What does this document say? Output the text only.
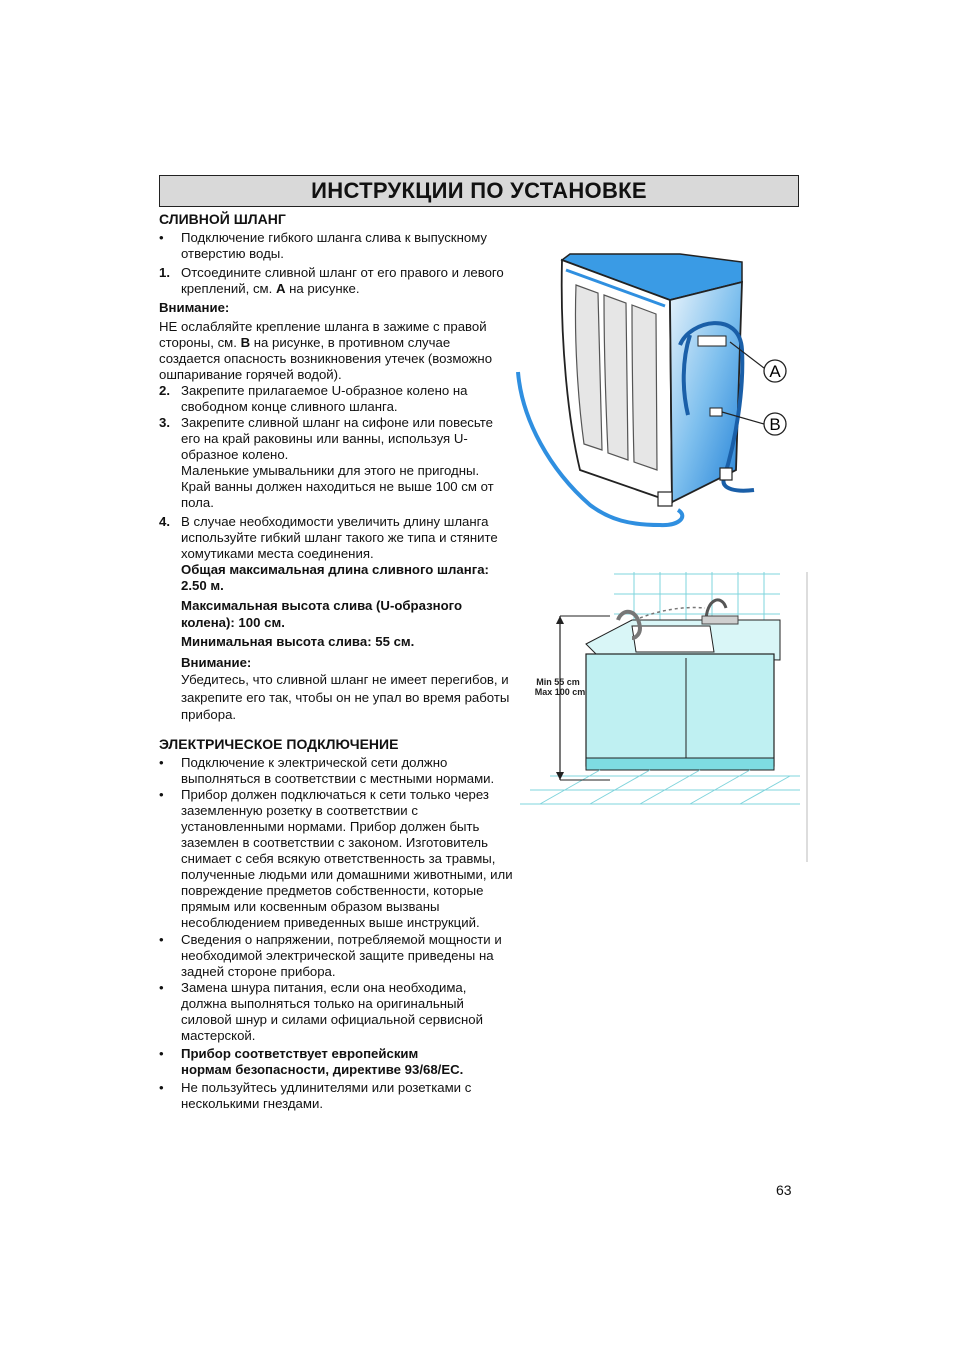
ИНСТРУКЦИИ ПО УСТАНОВКЕ

СЛИВНОЙ ШЛАНГ

•	Подключение гибкого шланга слива к выпускному отверстию воды.
1. Отсоедините сливной шланг от его правого и левого креплений, см. A на рисунке.

Внимание:

НЕ ослабляйте крепление шланга в зажиме с правой стороны, см. B на рисунке, в противном случае создается опасность возникновения утечек (возможно ошпаривание горячей водой).

2. Закрепите прилагаемое U-образное колено на свободном конце сливного шланга.
3. Закрепите сливной шланг на сифоне или повесьте его на край раковины или ванны, используя U-образное колено.
Маленькие умывальники для этого не пригодны.
Край ванны должен находиться не выше 100 см от пола.
4. В случае необходимости увеличить длину шланга используйте гибкий шланг такого же типа и стяните хомутиками места соединения.

Общая максимальная длина сливного шланга: 2.50 м.

Максимальная высота слива (U-образного колена): 100 см.

Минимальная высота слива: 55 см.

Внимание:

Убедитесь, что сливной шланг не имеет перегибов, и закрепите его так, чтобы он не упал во время работы прибора.

ЭЛЕКТРИЧЕСКОЕ ПОДКЛЮЧЕНИЕ

•	Подключение к электрической сети должно выполняться в соответствии с местными нормами.
•	Прибор должен подключаться к сети только через заземленную розетку в соответствии с установленными нормами. Прибор должен быть заземлен в соответствии с законом. Изготовитель снимает с себя всякую ответственность за травмы, полученные людьми или домашними животными, или повреждение предметов собственности, которые прямым или косвенным образом вызваны несоблюдением приведенных выше инструкций.
•	Сведения о напряжении, потребляемой мощности и необходимой электрической защите приведены на задней стороне прибора.
•	Замена шнура питания, если она необходима, должна выполняться только на оригинальный силовой шнур и силами официальной сервисной мастерской.
•	Прибор соответствует европейским нормам безопасности, директиве 93/68/ЕС.
•	Не пользуйтесь удлинителями или розетками с несколькими гнездами.
A
B
Min 55 cm
Max 100 cm
63
